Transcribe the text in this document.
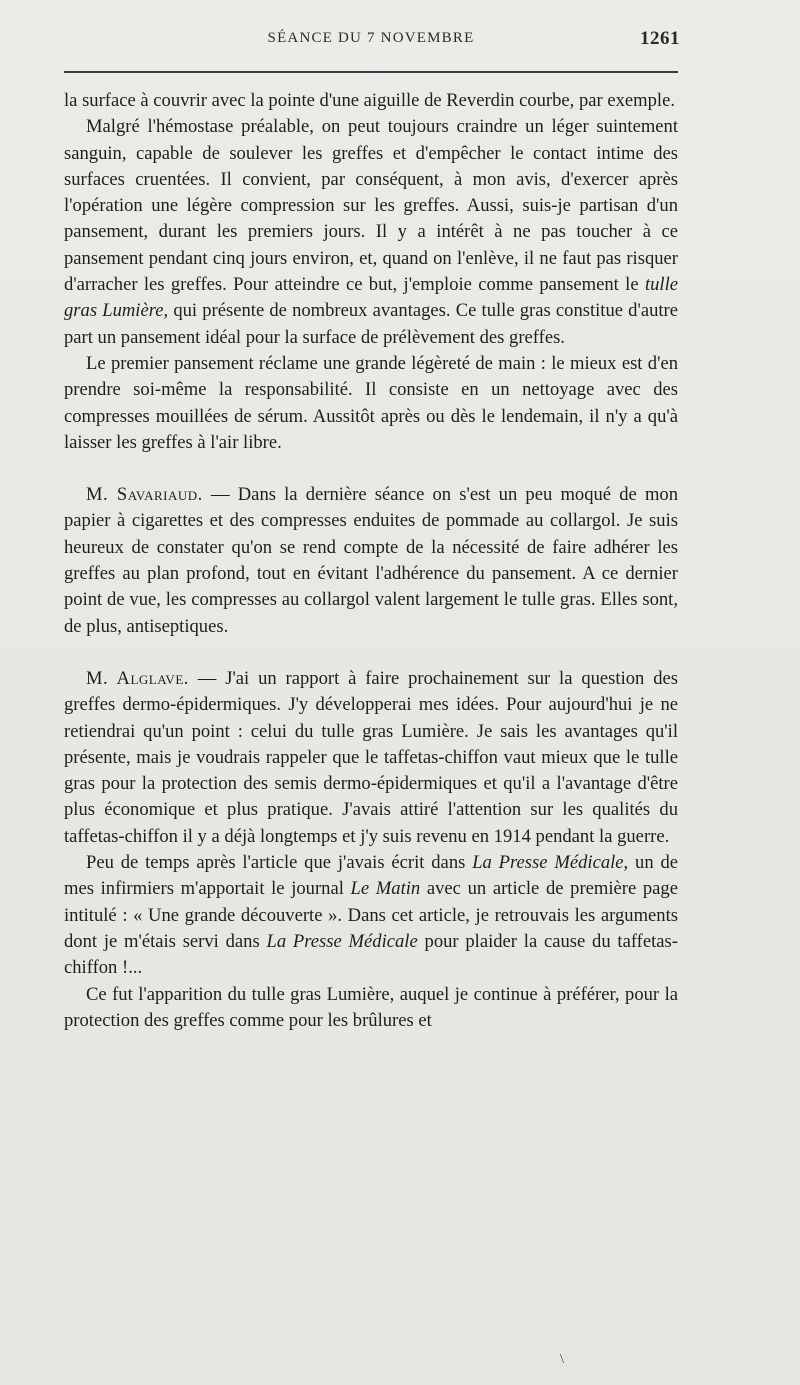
SÉANCE DU 7 NOVEMBRE	1261

la surface à couvrir avec la pointe d'une aiguille de Reverdin courbe, par exemple.

Malgré l'hémostase préalable, on peut toujours craindre un léger suintement sanguin, capable de soulever les greffes et d'empêcher le contact intime des surfaces cruentées. Il convient, par conséquent, à mon avis, d'exercer après l'opération une légère compression sur les greffes. Aussi, suis-je partisan d'un pansement, durant les premiers jours. Il y a intérêt à ne pas toucher à ce pansement pendant cinq jours environ, et, quand on l'enlève, il ne faut pas risquer d'arracher les greffes. Pour atteindre ce but, j'emploie comme pansement le tulle gras Lumière, qui présente de nombreux avantages. Ce tulle gras constitue d'autre part un pansement idéal pour la surface de prélèvement des greffes.

Le premier pansement réclame une grande légèreté de main : le mieux est d'en prendre soi-même la responsabilité. Il consiste en un nettoyage avec des compresses mouillées de sérum. Aussitôt après ou dès le lendemain, il n'y a qu'à laisser les greffes à l'air libre.

M. Savariaud. — Dans la dernière séance on s'est un peu moqué de mon papier à cigarettes et des compresses enduites de pommade au collargol. Je suis heureux de constater qu'on se rend compte de la nécessité de faire adhérer les greffes au plan profond, tout en évitant l'adhérence du pansement. A ce dernier point de vue, les compresses au collargol valent largement le tulle gras. Elles sont, de plus, antiseptiques.

M. Alglave. — J'ai un rapport à faire prochainement sur la question des greffes dermo-épidermiques. J'y développerai mes idées. Pour aujourd'hui je ne retiendrai qu'un point : celui du tulle gras Lumière. Je sais les avantages qu'il présente, mais je voudrais rappeler que le taffetas-chiffon vaut mieux que le tulle gras pour la protection des semis dermo-épidermiques et qu'il a l'avantage d'être plus économique et plus pratique. J'avais attiré l'attention sur les qualités du taffetas-chiffon il y a déjà longtemps et j'y suis revenu en 1914 pendant la guerre.

Peu de temps après l'article que j'avais écrit dans La Presse Médicale, un de mes infirmiers m'apportait le journal Le Matin avec un article de première page intitulé : « Une grande découverte ». Dans cet article, je retrouvais les arguments dont je m'étais servi dans La Presse Médicale pour plaider la cause du taffetas-chiffon !...

Ce fut l'apparition du tulle gras Lumière, auquel je continue à préférer, pour la protection des greffes comme pour les brûlures et

\
